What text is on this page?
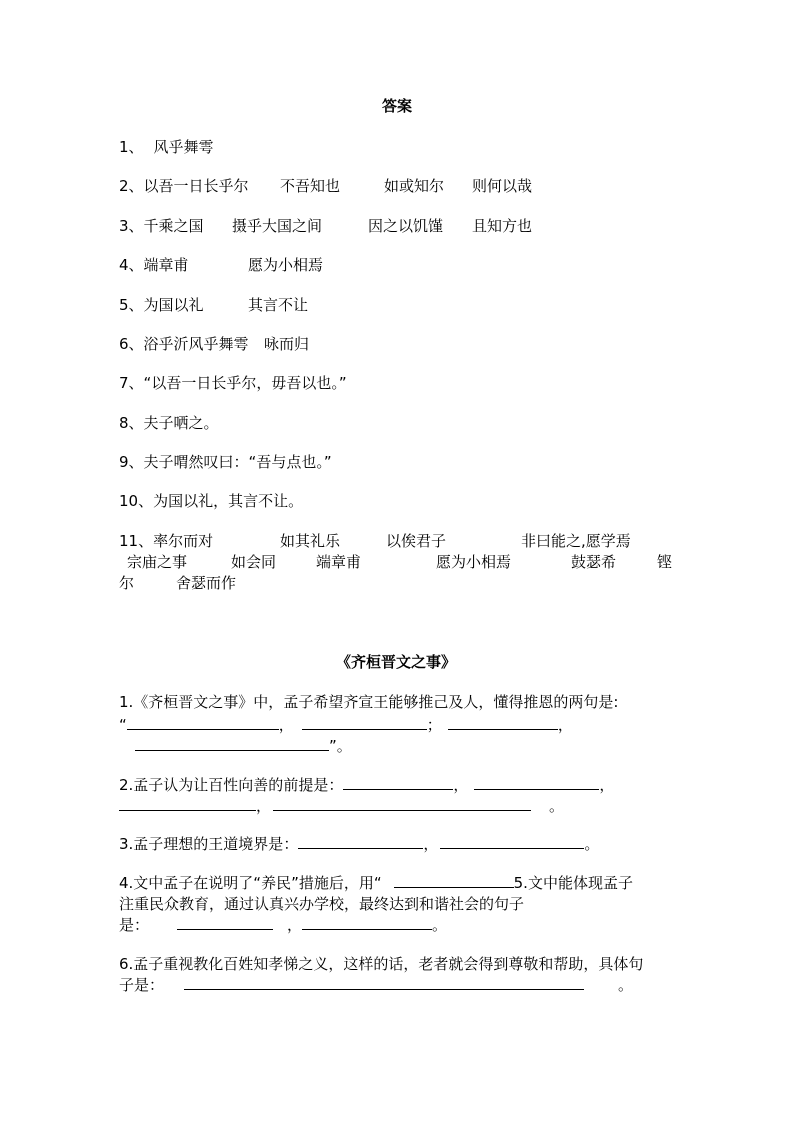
答案
1、 风乎舞雩
2、以吾一日长乎尔 不吾知也	如或知尔 则何以哉
3、千乘之国 摄乎大国之间	因之以饥馑 且知方也
4、端章甫	愿为小相焉
5、为国以礼	其言不让
6、浴乎沂风乎舞雩 咏而归
7、“以吾一日长乎尔，毋吾以也。”
8、夫子哂之。
9、夫子喟然叹曰：“吾与点也。”
10、为国以礼，其言不让。
11、率尔而对	如其礼乐	以俟君子	非曰能之,愿学焉
宗庙之事	如会同	端章甫	愿为小相焉	鼓瑟希	铿
尔	舍瑟而作
《齐桓晋文之事》
1.《齐桓晋文之事》中，孟子希望齐宣王能够推己及人，懂得推恩的两句是:
“	，	；	，
”。
2.孟子认为让百性向善的前提是：	，	，
，	。
3.孟子理想的王道境界是：	，	。
4.文中孟子在说明了“养民”措施后，用“	5.文中能体现孟子
注重民众教育，通过认真兴办学校，最终达到和谐社会的句子
是：	，	。
6.孟子重视教化百姓知孝悌之义，这样的话，老者就会得到尊敬和帮助，具体句
子是：	。
